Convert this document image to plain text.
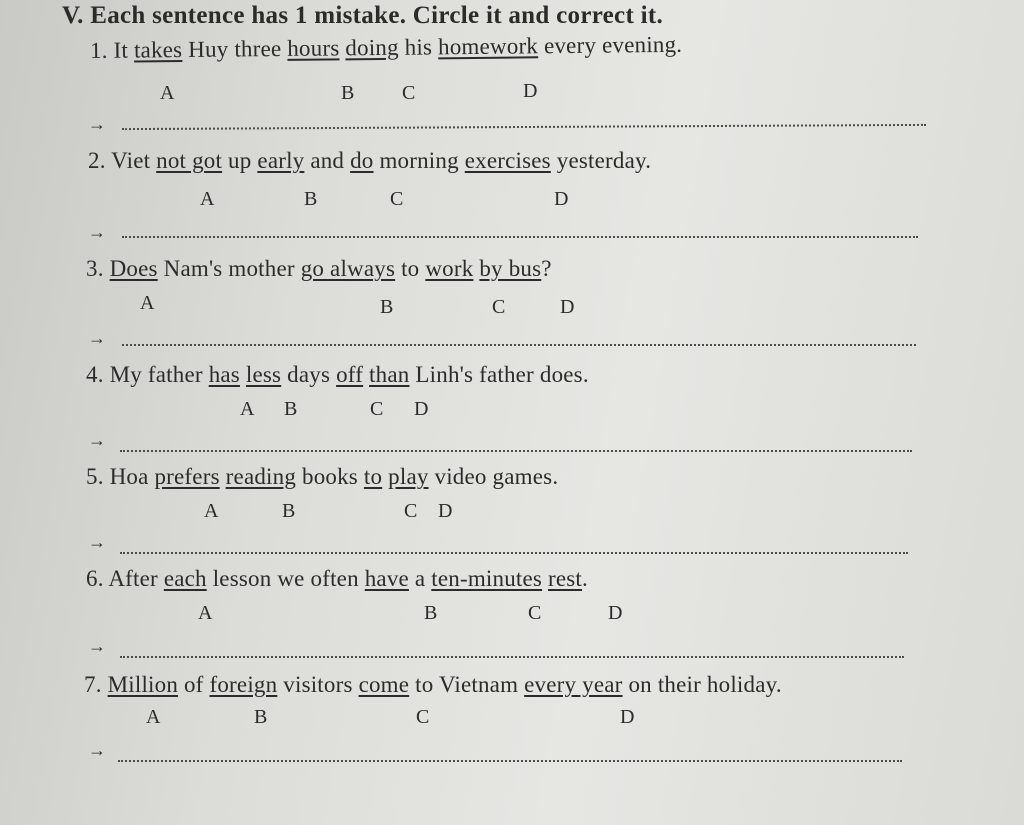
V. Each sentence has 1 mistake. Circle it and correct it.
1. It takes Huy three hours doing his homework every evening.
A	B C	D
→
2. Viet not got up early and do morning exercises yesterday.
A	B	C	D
→
3. Does Nam's mother go always to work by bus?
A	B	C	D
→
4. My father has less days off than Linh's father does.
A B	C D
→
5. Hoa prefers reading books to play video games.
A	B	C D
→
6. After each lesson we often have a ten-minutes rest.
A	B	C	D
→
7. Million of foreign visitors come to Vietnam every year on their holiday.
A	B	C	D
→
